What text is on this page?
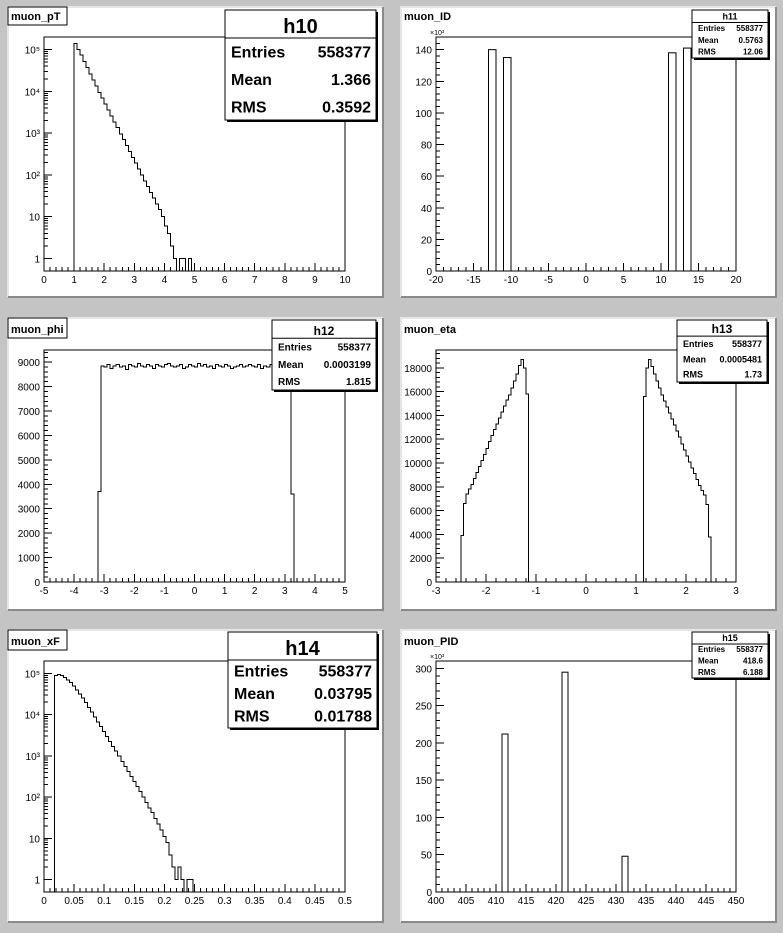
0 1 2 3 4 5 6 7 8 9 10
1
10
10²
10³
10⁴
10⁵
muon_pT	h10
Entries 558377
Mean	1.366
RMS	0.3592
-20 -15 -10	-5	0	5	10	15	20
0
20
40
60
80
100
120
140
×10³
muon_ID	h11
Entries 558377
Mean	0.5763
RMS	12.06
-5 -4 -3 -2 -1 0 1 2 3 4 5
0
1000
2000
3000
4000
5000
6000
7000
8000
9000
muon_phi	h12
Entries	558377
Mean 0.0003199
RMS	1.815
-3	-2	-1	0	1	2	3
0
2000
4000
6000
8000
10000
12000
14000
16000
18000
muon_eta	h13
Entries 558377
Mean 0.0005481
RMS	1.73
0 0.05 0.1 0.15 0.2 0.25 0.3 0.35 0.4 0.45 0.5
1
10
10²
10³
10⁴
10⁵
muon_xF	h14
Entries 558377
Mean 0.03795
RMS	0.01788
400 405 410 415 420 425 430 435 440 445 450
0
50
100
150
200
250
300
×10³
muon_PID	h15
Entries 558377
Mean	418.6
RMS	6.188
